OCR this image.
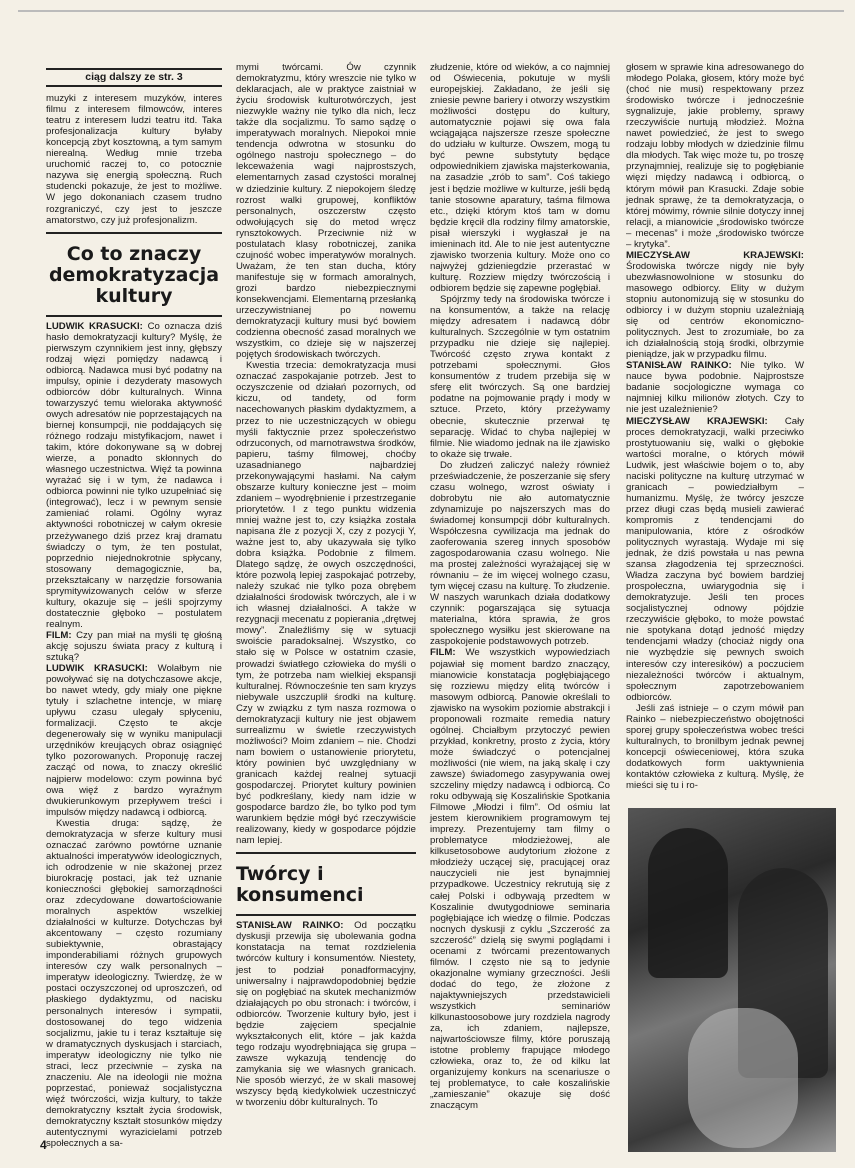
ciąg dalszy ze str. 3

muzyki z interesem muzyków, interes filmu z interesem filmowców, interes teatru z interesem ludzi teatru itd. Taka profesjonalizacja kultury byłaby koncepcją zbyt kosztowną, a tym samym nierealną. Według mnie trzeba uruchomić raczej to, co potocznie nazywa się energią społeczną. Ruch studencki pokazuje, że jest to możliwe. W jego dokonaniach czasem trudno rozgraniczyć, czy jest to jeszcze amatorstwo, czy już profesjonalizm.

Co to znaczy demokratyzacja kultury

LUDWIK KRASUCKI: Co oznacza dziś hasło demokratyzacji kultury? Myślę, że pierwszym czynnikiem jest inny, głębszy rodzaj więzi pomiędzy nadawcą i odbiorcą. Nadawca musi być podatny na impulsy, opinie i dezyderaty masowych odbiorców dóbr kulturalnych. Winna towarzyszyć temu wielorakа aktywność owych adresatów nie poprzestających na biernej konsumpcji, nie poddających się różnego rodzaju mistyfikacjom, nawet i takim, które dokonywane są w dobrej wierze, a ponadto skłonnych do własnego uczestnictwa. Więź ta powinna wyrażać się i w tym, że nadawca i odbiorca powinni nie tylko uzupełniać się (integrować), lecz i w pewnym sensie zamieniać rolami. Ogólny wyraz aktywności robotniczej w całym okresie przeżywanego dziś przez kraj dramatu świadczy o tym, że ten postulat, poprzednio niejednokrotnie spłycany, stosowany demagogicznie, ba, przekształcany w narzędzie forsowania sprymitywizowanych celów w sferze kultury, okazuje się – jeśli spojrzymy dostatecznie głęboko – postulatem realnym.

FILM: Czy pan miał na myśli tę głośną akcję sojuszu świata pracy z kulturą i sztuką?

LUDWIK KRASUCKI: Wolałbym nie powoływać się na dotychczasowe akcje, bo nawet wtedy, gdy miały one piękne tytuły i szlachetne intencje, w miarę upływu czasu ulegały spłyceniu, formalizacji. Często te akcje degenerowały się w wyniku manipulacji urzędników kreujących obraz osiągnięć tylko pozorowanych. Proponuję raczej zacząć od nowa, to znaczy określić najpierw modelowo: czym powinna być owa więź z bardzo wyraźnym dwukierunkowym przepływem treści i impulsów między nadawcą i odbiorcą.

Kwestia druga: sądzę, że demokratyzacja w sferze kultury musi oznaczać zarówno powtórne uznanie aktualności imperatywów ideologicznych, ich odrodzenie w nie skażonej przez biurokrację postaci, jak też uznanie konieczności głębokiej samorządności oraz zdecydowane dowartościowanie moralnych aspektów wszelkiej działalności w kulturze. Dotychczas był akcentowany – często rozumiany subiektywnie, obrastający imponderabiliami różnych grupowych interesów czy walk personalnych – imperatyw ideologiczny. Twierdzę, że w postaci oczyszczonej od uproszczeń, od płaskiego dydaktyzmu, od nacisku personalnych interesów i sympatii, dostosowanej do tego widzenia socjalizmu, jakie tu i teraz kształtuje się w dramatycznych dyskusjach i starciach, imperatyw ideologiczny nie tylko nie straci, lecz przeciwnie – zyska na znaczeniu. Ale na ideologii nie można poprzestać, ponieważ socjalistyczna więź twórczości, wizja kultury, to także demokratyczny kształt życia środowisk, demokratyczny kształt stosunków między autentycznymi wyrazicielami potrzeb społecznych a sa-

mymi twórcami. Ów czynnik demokratyzmu, który wreszcie nie tylko w deklaracjach, ale w praktyce zaistniał w życiu środowisk kulturotwórczych, jest niezwykle ważny nie tylko dla nich, lecz także dla socjalizmu. To samo sądzę o imperatywach moralnych. Niepokoi mnie tendencja odwrotna w stosunku do ogólnego nastroju społecznego – do lekceważenia wagi najprostszych, elementarnych zasad czystości moralnej w dziedzinie kultury. Z niepokojem śledzę rozrost walki grupowej, konfliktów personalnych, oszczerstw często odwołujących się do metod wręcz rynsztokowych. Przeciwnie niż w postulatach klasy robotniczej, zanika czujność wobec imperatywów moralnych. Uważam, że ten stan ducha, który manifestuje się w formach amoralnych, grozi bardzo niebezpiecznymi konsekwencjami. Elementarną przesłanką urzeczywistnianej po nowemu demokratyzacji kultury musi być bowiem codzienna obecność zasad moralnych we wszystkim, co dzieje się w najszerzej pojętych środowiskach twórczych.

Kwestia trzecia: demokratyzacja musi oznaczać zaspokajanie potrzeb. Jest to oczyszczenie od działań pozornych, od kiczu, od tandety, od form nacechowanych płaskim dydaktyzmem, a przez to nie uczestniczących w obiegu myśli faktycznie przez społeczeństwo odrzuconych, od marnotrawstwa środków, papieru, taśmy filmowej, choćby uzasadnianego najbardziej przekonywającymi hasłami. Na całym obszarze kultury konieczne jest – moim zdaniem – wyodrębnienie i przestrzeganie priorytetów. I z tego punktu widzenia mniej ważne jest to, czy książka została napisana źle z pozycji X, czy z pozycji Y, ważne jest to, aby ukazywała się tylko dobra książka. Podobnie z filmem. Dlatego sądzę, że owych oszczędności, które pozwolą lepiej zaspokajać potrzeby, należy szukać nie tylko poza obrębem działalności środowisk twórczych, ale i w ich własnej działalności. A także w rezygnacji mecenatu z popierania „drętwej mowy”. Znaleźliśmy się w sytuacji swoiście paradoksalnej. Wszystko, co stało się w Polsce w ostatnim czasie, prowadzi światłego człowieka do myśli o tym, że potrzeba nam wielkiej ekspansji kulturalnej. Równocześnie ten sam kryzys niebywale uszczuplił środki na kulturę. Czy w związku z tym nasza rozmowa o demokratyzacji kultury nie jest objawem surrealizmu w świetle rzeczywistych możliwości? Moim zdaniem – nie. Chodzi nam bowiem o ustanowienie priorytetu, który powinien być uwzględniany w granicach każdej realnej sytuacji gospodarczej. Priorytet kultury powinien być podkreślany, kiedy nam idzie w gospodarce bardzo źle, bo tylko pod tym warunkiem będzie mógł być rzeczywiście realizowany, kiedy w gospodarce pójdzie nam lepiej.

Twórcy i konsumenci

STANISŁAW RAINKO: Od początku dyskusji przewija się ubolewania godna konstatacja na temat rozdzielenia twórców kultury i konsumentów. Niestety, jest to podział ponadformacyjny, uniwersalny i najprawdopodobniej będzie się on pogłębiać na skutek mechanizmów działających po obu stronach: i twórców, i odbiorców. Tworzenie kultury było, jest i będzie zajęciem specjalnie wykształconych elit, które – jak każda tego rodzaju wyodrębniająca się grupa – zawsze wykazują tendencję do zamykania się we własnych granicach. Nie sposób wierzyć, że w skali masowej wszyscy będą kiedykolwiek uczestniczyć w tworzeniu dóbr kulturalnych. To

złudzenie, które od wieków, a co najmniej od Oświecenia, pokutuje w myśli europejskiej. Zakładano, że jeśli się zniesie pewne bariery i otworzy wszystkim możliwości dostępu do kultury, automatycznie pojawi się owa fala wciągająca najszersze rzesze społeczne do udziału w kulturze. Owszem, mogą tu być pewne substytuty będące odpowiednikiem zjawiska majsterkowania, na zasadzie „zrób to sam”. Coś takiego jest i będzie możliwe w kulturze, jeśli będą tanie stosowne aparatury, taśma filmowa etc., dzięki którym ktoś tam w domu będzie kręcił dla rodziny filmy amatorskie, pisał wierszyki i wygłaszał je na imieninach itd. Ale to nie jest autentyczne zjawisko tworzenia kultury. Może ono co najwyżej gdzieniegdzie przerastać w kulturę. Rozziew między twórczością i odbiorem będzie się zapewne pogłębiał.

Spójrzmy tedy na środowiska twórcze i na konsumentów, a także na relację między adresatem i nadawcą dóbr kulturalnych. Szczególnie w tym ostatnim przypadku nie dzieje się najlepiej. Twórcość często zrywa kontakt z potrzebami społecznymi. Głos konsumentów z trudem przebija się w sferę elit twórczych. Są one bardziej podatne na pojmowanie prądy i mody w sztuce. Przeto, który przeżywamy obecnie, skutecznie przerwał tę separację. Widać to chyba najlepiej w filmie. Nie wiadomo jednak na ile zjawisko to okaże się trwałe.

Do złudzeń zaliczyć należy również przeświadczenie, że poszerzanie się sfery czasu wolnego, wzrost oświaty i dobrobytu nie ało automatycznie zdynamizuje po najszerszych mas do świadomej konsumpcji dóbr kulturalnych. Współczesna cywilizacja ma jednak do zaoferowania szereg innych sposobów zagospodarowania czasu wolnego. Nie ma prostej zależności wyrażającej się w równaniu – że im więcej wolnego czasu, tym więcej czasu na kulturę. To złudzenie. W naszych warunkach działa dodatkowy czynnik: pogarszająca się sytuacja materialna, która sprawia, że gros społecznego wysiłku jest skierowane na zaspokojenie podstawowych potrzeb.

FILM: We wszystkich wypowiedziach pojawiał się moment bardzo znaczący, mianowicie konstatacja pogłębiającego się rozziewu między elitą twórców i masowym odbiorcą. Panowie określali to zjawisko na wysokim poziomie abstrakcji i proponowali rozmaite remedia natury ogólnej. Chciałbym przytoczyć pewien przykład, konkretny, prosto z życia, który może świadczyć o potencjalnej możliwości (nie wiem, na jaką skalę i czy zawsze) świadomego zasypywania owej szczeliny między nadawcą i odbiorcą. Co roku odbywają się Koszalińskie Spotkania Filmowe „Młodzi i film”. Od ośmiu lat jestem kierownikiem programowym tej imprezy. Prezentujemy tam filmy o problematyce młodzieżowej, ale kilkusetosobowe audytorium złożone z młodzieży uczącej się, pracującej oraz nauczycieli nie jest bynajmniej przypadkowe. Uczestnicy rekrutują się z całej Polski i odbywają przedtem w Koszalinie dwutygodniowe seminaria pogłębiające ich wiedzę o filmie. Podczas nocnych dyskusji z cyklu „Szczerość za szczerość” dzielą się swymi poglądami i ocenami z twórcami prezentowanych filmów. I często nie są to jedynie okazjonalne wymiany grzeczności. Jeśli dodać do tego, że złożone z najaktywniejszych przedstawicieli wszystkich seminariów kilkunastoosobowe jury rozdziela nagrody za, ich zdaniem, najlepsze, najwartościowsze filmy, które poruszają istotne problemy frapujące młodego człowieka, oraz to, że od kilku lat organizujemy konkurs na scenariusze o tej problematyce, to całe koszalińskie „zamieszanie” okazuje się dość znaczącym

głosem w sprawie kina adresowanego do młodego Polaka, głosem, który może być (choć nie musi) respektowany przez środowisko twórcze i jednocześnie sygnalizuje, jakie problemy, sprawy rzeczywiście nurtują młodzież. Można nawet powiedzieć, że jest to swego rodzaju lobby młodych w dziedzinie filmu dla młodych. Tak więc może tu, po troszę przynajmniej, realizuje się to pogłębianie więzi między nadawcą i odbiorcą, o którym mówił pan Krasucki. Zdaje sobie jednak sprawę, że ta demokratyzacja, o której mówimy, równie silnie dotyczy innej relacji, a mianowicie „środowisko twórcze – mecenas” i może „środowisko twórcze – krytyka”.

MIECZYSŁAW KRAJEWSKI: Środowiska twórcze nigdy nie były ubezwłasnowolnione w stosunku do masowego odbiorcy. Elity w dużym stopniu autonomizują się w stosunku do odbiorcy i w dużym stopniu uzależniają się od centrów ekonomiczno-politycznych. Jest to zrozumiałe, bo za ich działalnością stoją środki, olbrzymie pieniądze, jak w przypadku filmu.

STANISŁAW RAINKO: Nie tylko. W nauce bywa podobnie. Najprostsze badanie socjologiczne wymaga co najmniej kilku milionów złotych. Czy to nie jest uzależnienie?

MIECZYSŁAW KRAJEWSKI: Cały proces demokratyzacji, walki przeciwko prostytuowaniu się, walki o głębokie wartości moralne, o których mówił Ludwik, jest właściwie bojem o to, aby naciski polityczne na kulturę utrzymać w granicach – powiedziałbym – humanizmu. Myślę, że twórcy jeszcze przez długi czas będą musieli zawierać kompromis z tendencjami do manipulowania, które z ośrodków politycznych wyrastają. Wydaje mi się jednak, że dziś powstała u nas pewna szansa złagodzenia tej sprzeczności. Władza zaczyna być bowiem bardziej prospołeczna, uwiarygodnia się i demokratyzuje. Jeśli ten proces socjalistycznej odnowy pójdzie rzeczywiście głęboko, to może powstać nie spotykana dotąd jedność między tendencjami władzy (chociaż nigdy ona nie wyzbędzie się pewnych swoich interesów czy interesików) a poczuciem niezależności twórców i aktualnym, społecznym zapotrzebowaniem odbiorców.

Jeśli zaś istnieje – o czym mówił pan Rainko – niebezpieczeństwo obojętności sporej grupy społeczeństwa wobec treści kulturalnych, to bronilbym jednak pewnej koncepcji oświeceniowej, która szuka dodatkowych form uaktywnienia kontaktów człowieka z kulturą. Myślę, że mieści się tu i ro-

4
